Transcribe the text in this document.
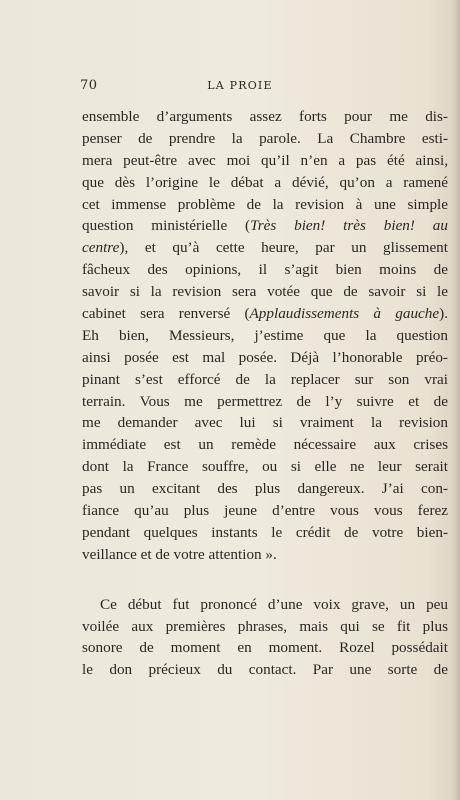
70	LA PROIE
ensemble d’arguments assez forts pour me dis-
penser de prendre la parole. La Chambre esti-
mera peut-être avec moi qu’il n’en a pas été ainsi,
que dès l’origine le débat a dévié, qu’on a ramené
cet immense problème de la revision à une simple
question ministérielle (Très bien! très bien! au
centre), et qu’à cette heure, par un glissement
fâcheux des opinions, il s’agit bien moins de
savoir si la revision sera votée que de savoir si le
cabinet sera renversé (Applaudissements à gauche).
Eh bien, Messieurs, j’estime que la question
ainsi posée est mal posée. Déjà l’honorable préo-
pinant s’est efforcé de la replacer sur son vrai
terrain. Vous me permettrez de l’y suivre et de
me demander avec lui si vraiment la revision
immédiate est un remède nécessaire aux crises
dont la France souffre, ou si elle ne leur serait
pas un excitant des plus dangereux. J’ai con-
fiance qu’au plus jeune d’entre vous vous ferez
pendant quelques instants le crédit de votre bien-
veillance et de votre attention ».
Ce début fut prononcé d’une voix grave, un peu
voilée aux premières phrases, mais qui se fit plus
sonore de moment en moment. Rozel possédait
le don précieux du contact. Par une sorte de
